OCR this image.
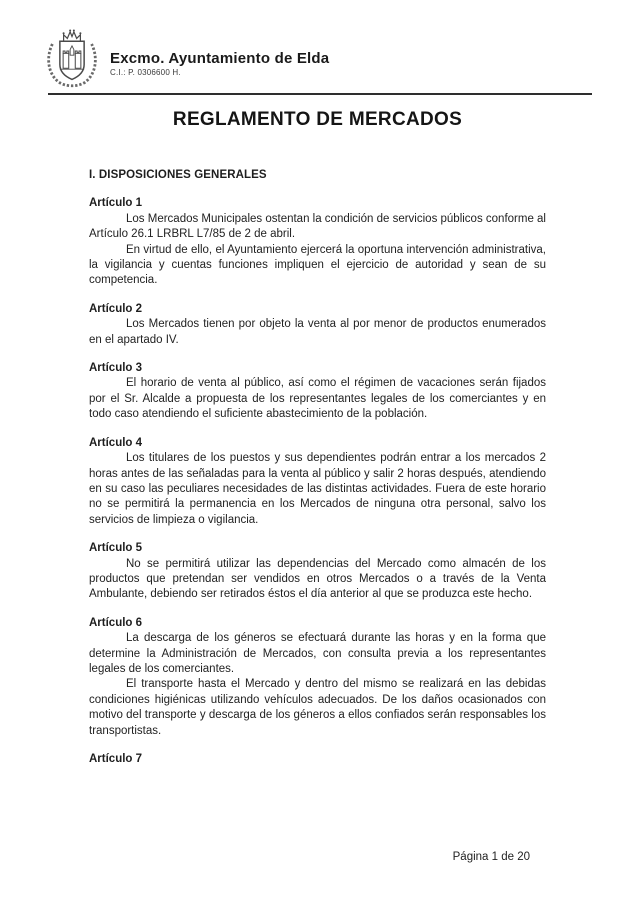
Excmo. Ayuntamiento de Elda
C.I.: P. 0306600 H.
REGLAMENTO DE MERCADOS
I. DISPOSICIONES GENERALES
Artículo 1

Los Mercados Municipales ostentan la condición de servicios públicos conforme al Artículo 26.1 LRBRL L7/85 de 2 de abril.

En virtud de ello, el Ayuntamiento ejercerá la oportuna intervención administrativa, la vigilancia y cuentas funciones impliquen el ejercicio de autoridad y sean de su competencia.

Artículo 2

Los Mercados tienen por objeto la venta al por menor de productos enumerados en el apartado IV.

Artículo 3

El horario de venta al público, así como el régimen de vacaciones serán fijados por el Sr. Alcalde a propuesta de los representantes legales de los comerciantes y en todo caso atendiendo el suficiente abastecimiento de la población.

Artículo 4

Los titulares de los puestos y sus dependientes podrán entrar a los mercados 2 horas antes de las señaladas para la venta al público y salir 2 horas después, atendiendo en su caso las peculiares necesidades de las distintas actividades. Fuera de este horario no se permitirá la permanencia en los Mercados de ninguna otra personal, salvo los servicios de limpieza o vigilancia.

Artículo 5

No se permitirá utilizar las dependencias del Mercado como almacén de los productos que pretendan ser vendidos en otros Mercados o a través de la Venta Ambulante, debiendo ser retirados éstos el día anterior al que se produzca este hecho.

Artículo 6

La descarga de los géneros se efectuará durante las horas y en la forma que determine la Administración de Mercados, con consulta previa a los representantes legales de los comerciantes.

El transporte hasta el Mercado y dentro del mismo se realizará en las debidas condiciones higiénicas utilizando vehículos adecuados. De los daños ocasionados con motivo del transporte y descarga de los géneros a ellos confiados serán responsables los transportistas.

Artículo 7
Página 1 de 20
